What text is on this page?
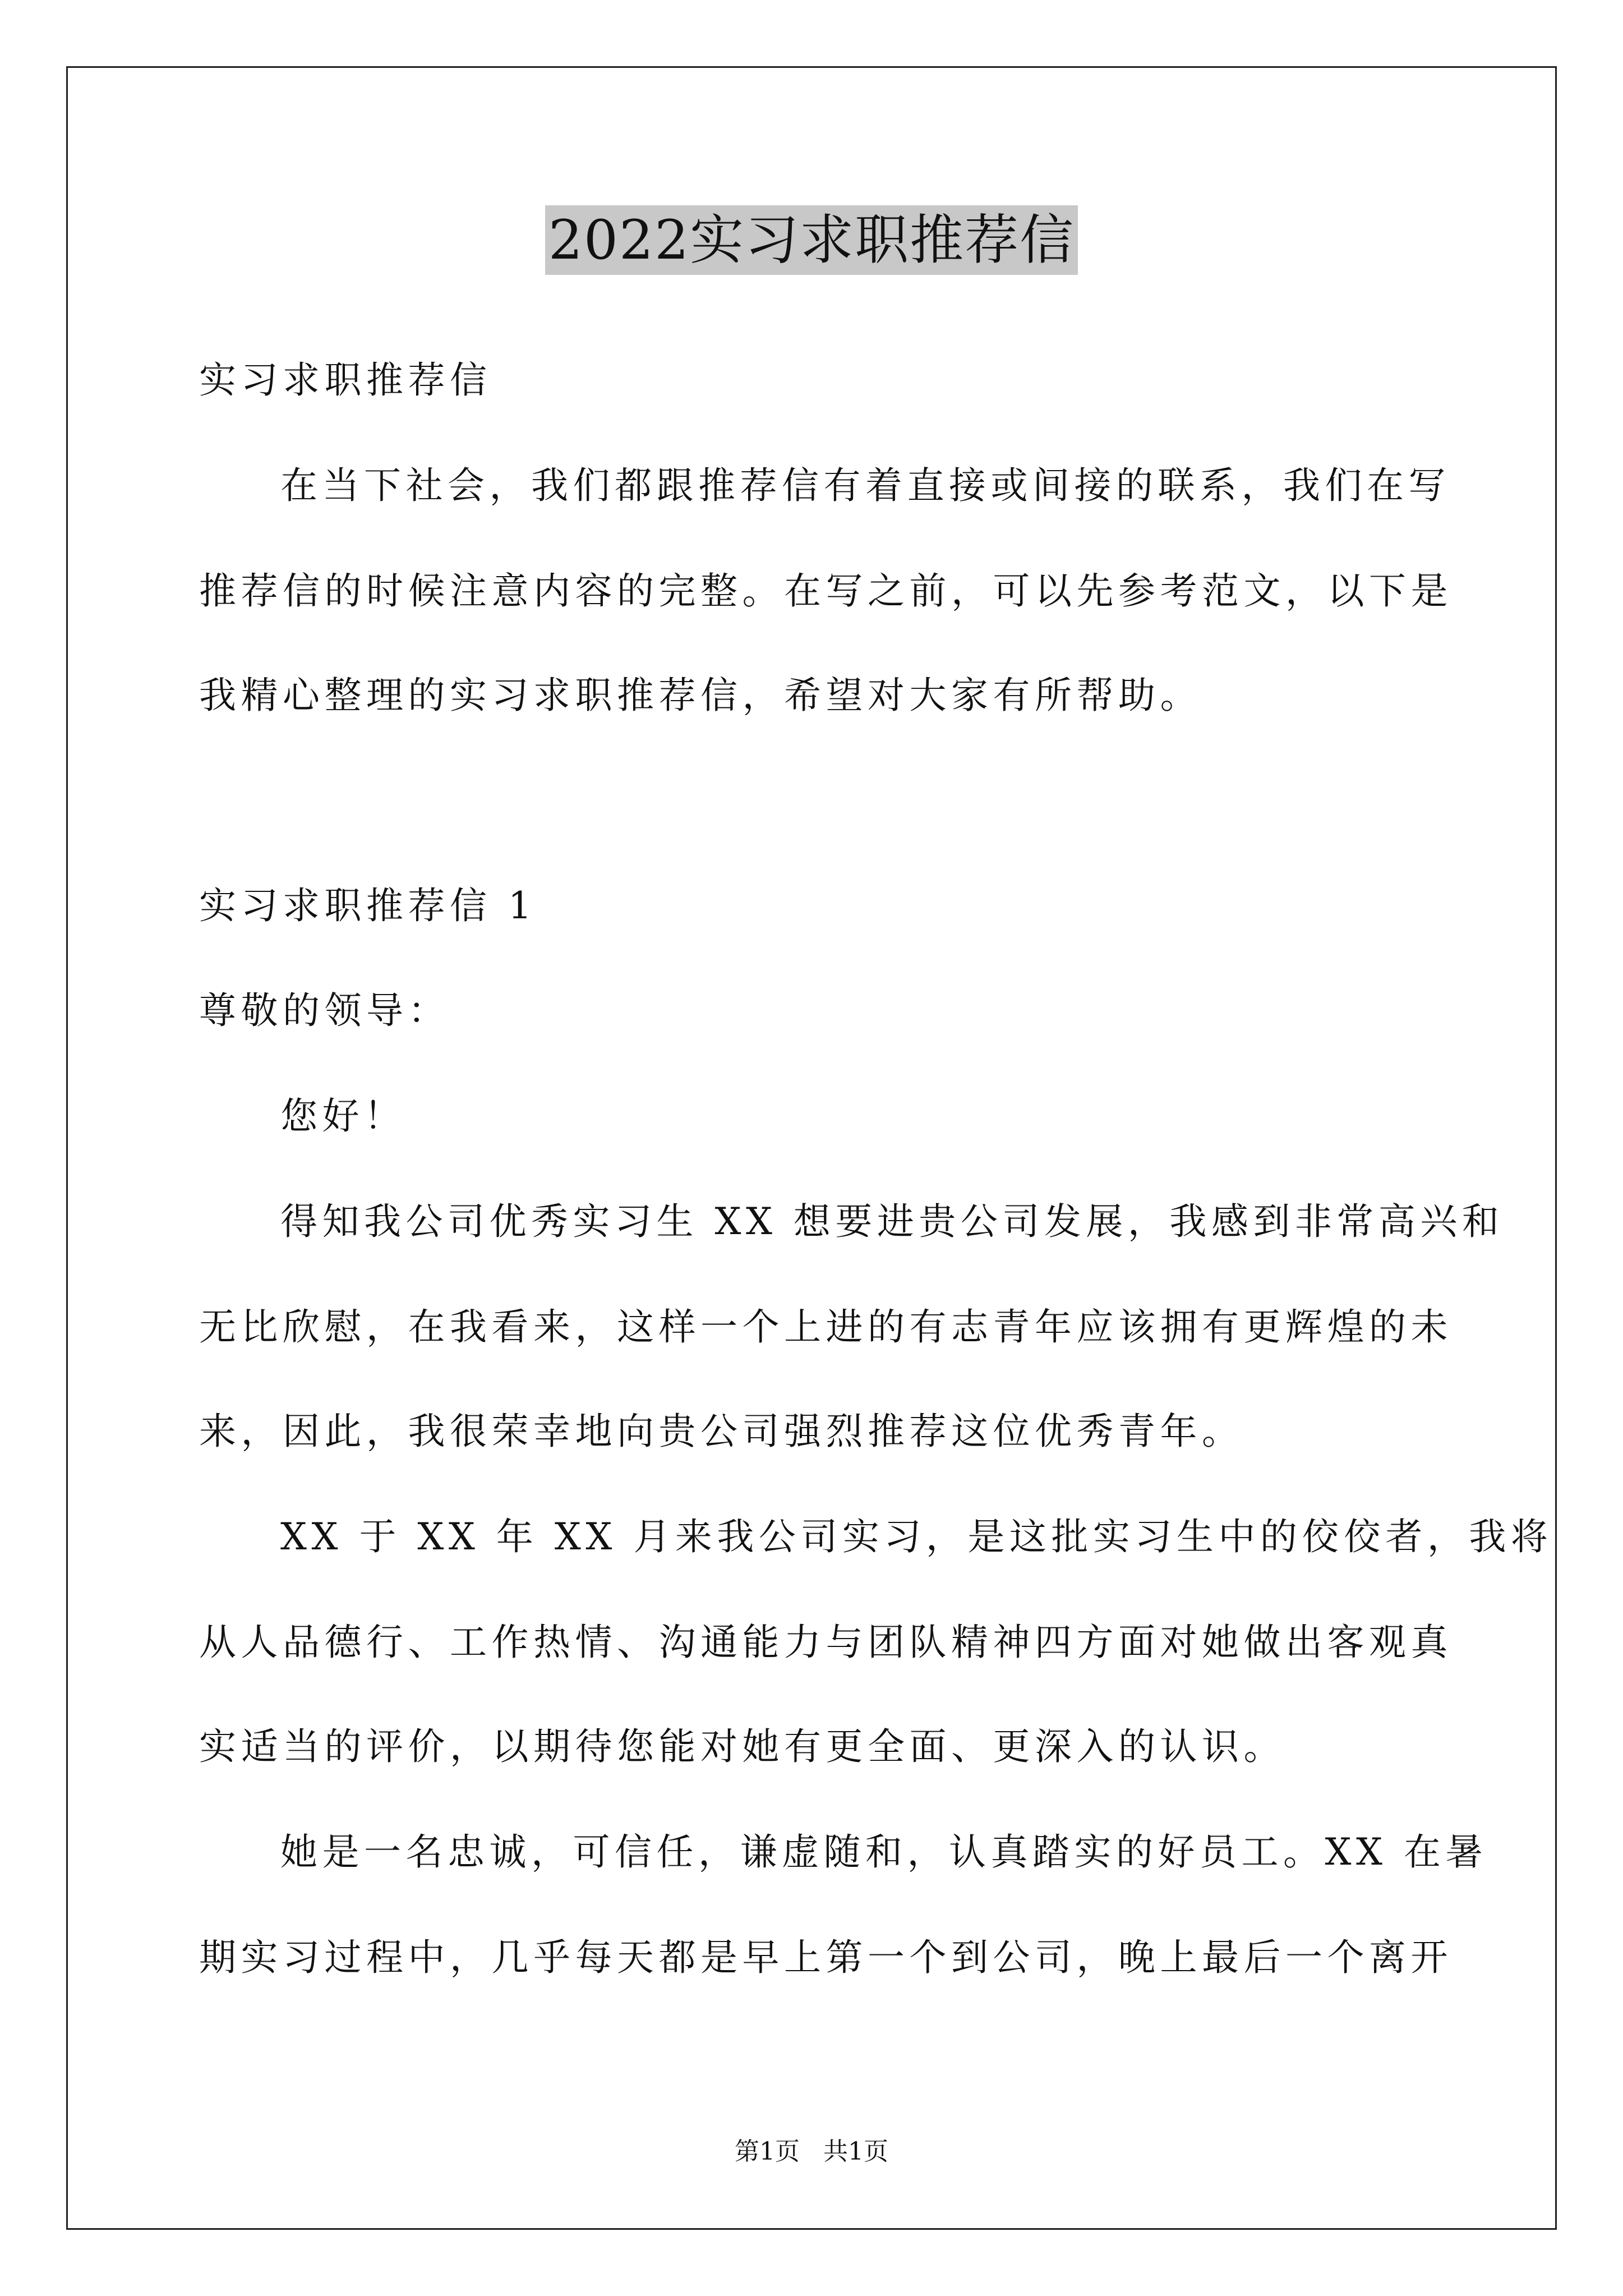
2022实习求职推荐信
实习求职推荐信
在当下社会，我们都跟推荐信有着直接或间接的联系，我们在写
推荐信的时候注意内容的完整。在写之前，可以先参考范文，以下是
我精心整理的实习求职推荐信，希望对大家有所帮助。
实习求职推荐信 1
尊敬的领导：
您好！
得知我公司优秀实习生 XX 想要进贵公司发展，我感到非常高兴和
无比欣慰，在我看来，这样一个上进的有志青年应该拥有更辉煌的未
来，因此，我很荣幸地向贵公司强烈推荐这位优秀青年。
XX 于 XX 年 XX 月来我公司实习，是这批实习生中的佼佼者，我将
从人品德行、工作热情、沟通能力与团队精神四方面对她做出客观真
实适当的评价，以期待您能对她有更全面、更深入的认识。
她是一名忠诚，可信任，谦虚随和，认真踏实的好员工。XX 在暑
期实习过程中，几乎每天都是早上第一个到公司，晚上最后一个离开
第1页   共1页
